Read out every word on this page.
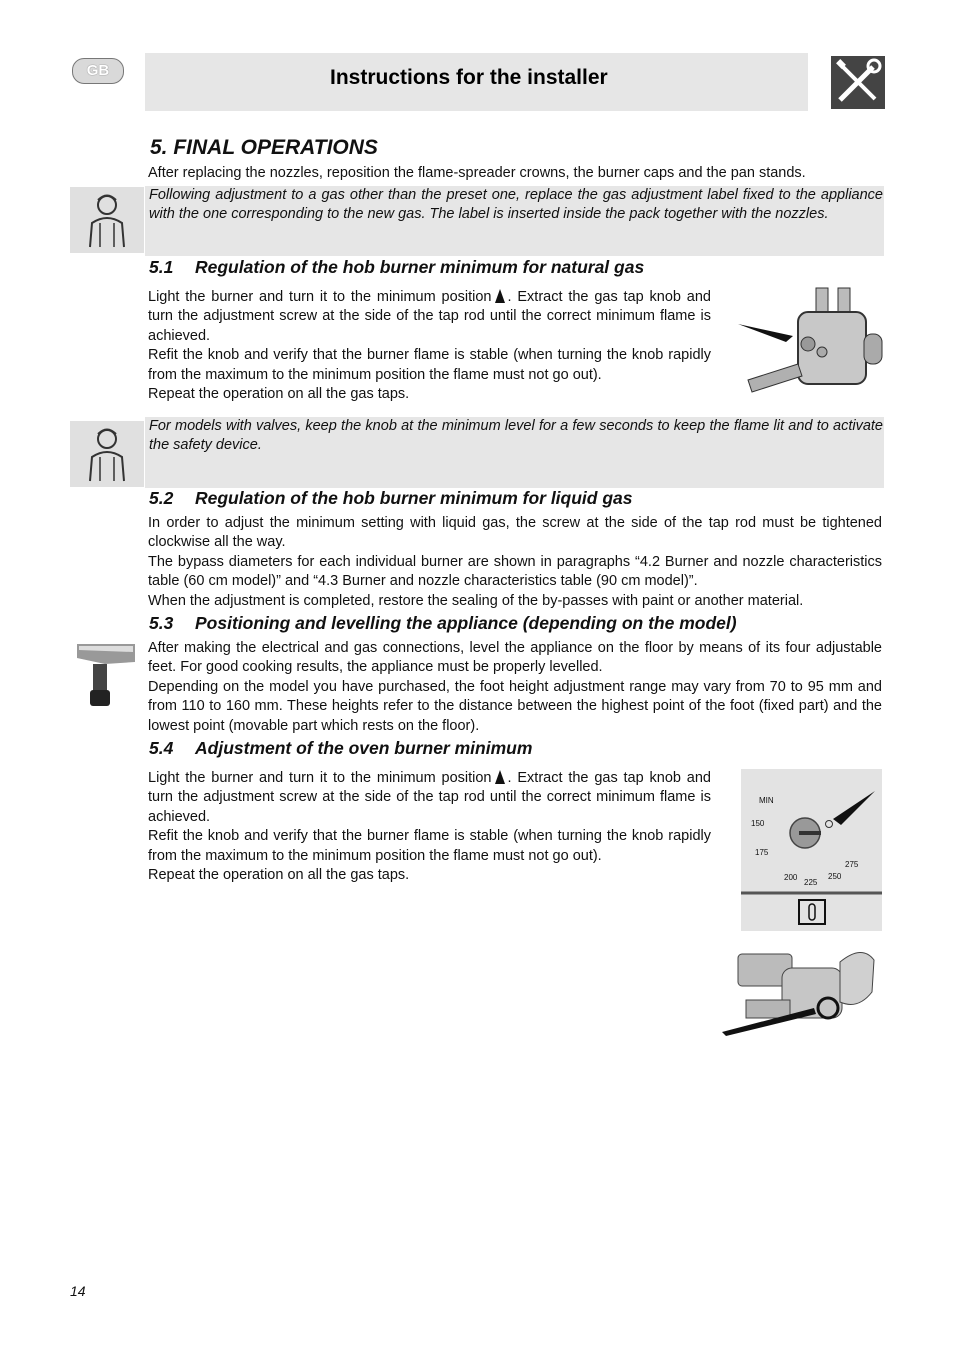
GB	Instructions for the installer
5. FINAL OPERATIONS
After replacing the nozzles, reposition the flame-spreader crowns, the burner caps and the pan stands.
Following adjustment to a gas other than the preset one, replace the gas adjustment label fixed to the appliance with the one corresponding to the new gas. The label is inserted inside the pack together with the nozzles.
5.1 Regulation of the hob burner minimum for natural gas
Light the burner and turn it to the minimum position . Extract the gas tap knob and turn the adjustment screw at the side of the tap rod until the correct minimum flame is achieved.
Refit the knob and verify that the burner flame is stable (when turning the knob rapidly from the maximum to the minimum position the flame must not go out).
Repeat the operation on all the gas taps.
For models with valves, keep the knob at the minimum level for a few seconds to keep the flame lit and to activate the safety device.
5.2 Regulation of the hob burner minimum for liquid gas
In order to adjust the minimum setting with liquid gas, the screw at the side of the tap rod must be tightened clockwise all the way.
The bypass diameters for each individual burner are shown in paragraphs “4.2 Burner and nozzle characteristics table (60 cm model)” and “4.3 Burner and nozzle characteristics table (90 cm model)”.
When the adjustment is completed, restore the sealing of the by-passes with paint or another material.
5.3 Positioning and levelling the appliance (depending on the model)
After making the electrical and gas connections, level the appliance on the floor by means of its four adjustable feet. For good cooking results, the appliance must be properly levelled.
Depending on the model you have purchased, the foot height adjustment range may vary from 70 to 95 mm and from 110 to 160 mm. These heights refer to the distance between the highest point of the foot (fixed part) and the lowest point (movable part which rests on the floor).
5.4 Adjustment of the oven burner minimum
Light the burner and turn it to the minimum position . Extract the gas tap knob and turn the adjustment screw at the side of the tap rod until the correct minimum flame is achieved.
Refit the knob and verify that the burner flame is stable (when turning the knob rapidly from the maximum to the minimum position the flame must not go out).
Repeat the operation on all the gas taps.
MIN
150
175
200
225
250
275
14
